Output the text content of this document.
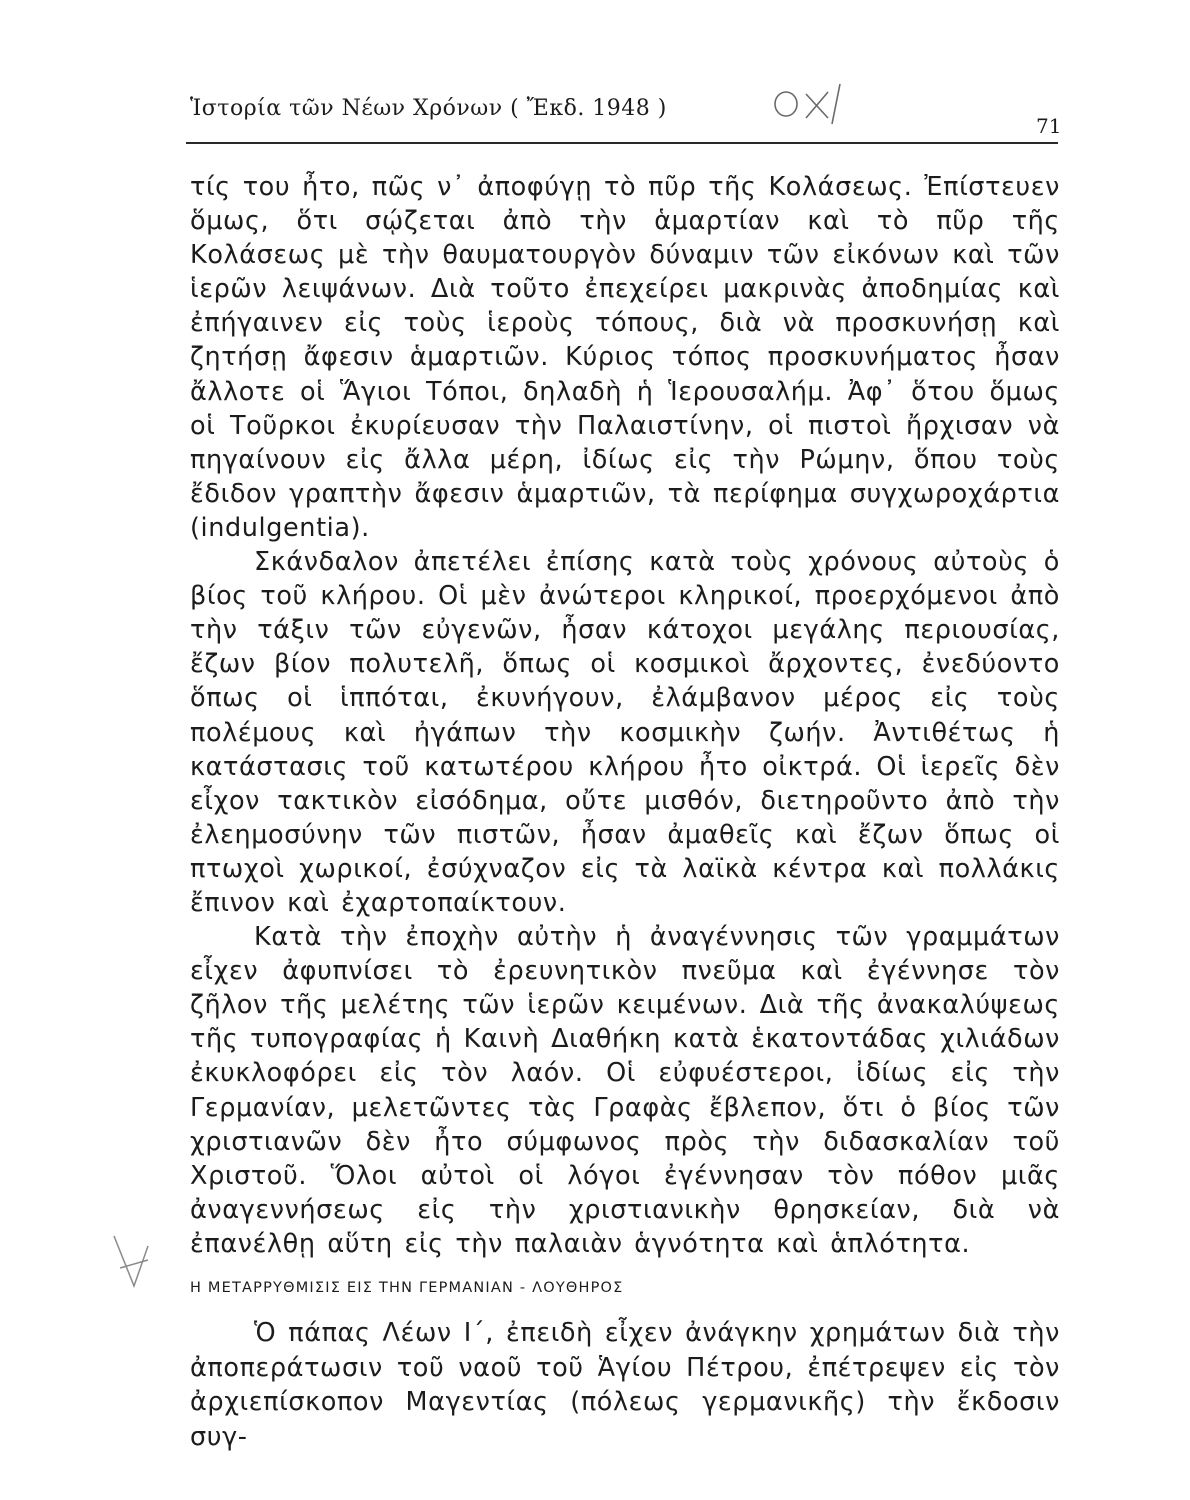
Ἱστορία τῶν Νέων Χρόνων ( Ἔκδ. 1948 )
71

τίς του ἦτο, πῶς ν᾽ ἀποφύγῃ τὸ πῦρ τῆς Κολάσεως. Ἐπίστευεν ὅμως, ὅτι σῴζεται ἀπὸ τὴν ἁμαρτίαν καὶ τὸ πῦρ τῆς Κολάσεως μὲ τὴν θαυματουργὸν δύναμιν τῶν εἰκόνων καὶ τῶν ἱερῶν λειψάνων. Διὰ τοῦτο ἐπεχείρει μακρινὰς ἀποδημίας καὶ ἐπήγαινεν εἰς τοὺς ἱεροὺς τόπους, διὰ νὰ προσκυνήσῃ καὶ ζητήσῃ ἄφεσιν ἁμαρτιῶν. Κύριος τόπος προσκυνήματος ἦσαν ἄλλοτε οἱ Ἅγιοι Τόποι, δηλαδὴ ἡ Ἱερουσαλήμ. Ἀφ᾽ ὅτου ὅμως οἱ Τοῦρκοι ἐκυρίευσαν τὴν Παλαιστίνην, οἱ πιστοὶ ἤρχισαν νὰ πηγαίνουν εἰς ἄλλα μέρη, ἰδίως εἰς τὴν Ρώμην, ὅπου τοὺς ἔδιδον γραπτὴν ἄφεσιν ἁμαρτιῶν, τὰ περίφημα συγχωροχάρτια (indulgentia).

Σκάνδαλον ἀπετέλει ἐπίσης κατὰ τοὺς χρόνους αὐτοὺς ὁ βίος τοῦ κλήρου. Οἱ μὲν ἀνώτεροι κληρικοί, προερχόμενοι ἀπὸ τὴν τάξιν τῶν εὐγενῶν, ἦσαν κάτοχοι μεγάλης περιουσίας, ἔζων βίον πολυτελῆ, ὅπως οἱ κοσμικοὶ ἄρχοντες, ἐνεδύοντο ὅπως οἱ ἱππόται, ἐκυνήγουν, ἐλάμβανον μέρος εἰς τοὺς πολέμους καὶ ἠγάπων τὴν κοσμικὴν ζωήν. Ἀντιθέτως ἡ κατάστασις τοῦ κατωτέρου κλήρου ἦτο οἰκτρά. Οἱ ἱερεῖς δὲν εἶχον τακτικὸν εἰσόδημα, οὔτε μισθόν, διετηροῦντο ἀπὸ τὴν ἐλεημοσύνην τῶν πιστῶν, ἦσαν ἀμαθεῖς καὶ ἔζων ὅπως οἱ πτωχοὶ χωρικοί, ἐσύχναζον εἰς τὰ λαϊκὰ κέντρα καὶ πολλάκις ἔπινον καὶ ἐχαρτοπαίκτουν.

Κατὰ τὴν ἐποχὴν αὐτὴν ἡ ἀναγέννησις τῶν γραμμάτων εἶχεν ἀφυπνίσει τὸ ἐρευνητικὸν πνεῦμα καὶ ἐγέννησε τὸν ζῆλον τῆς μελέτης τῶν ἱερῶν κειμένων. Διὰ τῆς ἀνακαλύψεως τῆς τυπογραφίας ἡ Καινὴ Διαθήκη κατὰ ἑκατοντάδας χιλιάδων ἐκυκλοφόρει εἰς τὸν λαόν. Οἱ εὐφυέστεροι, ἰδίως εἰς τὴν Γερμανίαν, μελετῶντες τὰς Γραφὰς ἔβλεπον, ὅτι ὁ βίος τῶν χριστιανῶν δὲν ἦτο σύμφωνος πρὸς τὴν διδασκαλίαν τοῦ Χριστοῦ. Ὅλοι αὐτοὶ οἱ λόγοι ἐγέννησαν τὸν πόθον μιᾶς ἀναγεννήσεως εἰς τὴν χριστιανικὴν θρησκείαν, διὰ νὰ ἐπανέλθῃ αὕτη εἰς τὴν παλαιὰν ἁγνότητα καὶ ἁπλότητα.

Η ΜΕΤΑΡΡΥΘΜΙΣΙΣ ΕΙΣ ΤΗΝ ΓΕΡΜΑΝΙΑΝ - ΛΟΥΘΗΡΟΣ

Ὁ πάπας Λέων Ι΄, ἐπειδὴ εἶχεν ἀνάγκην χρημάτων διὰ τὴν ἀποπεράτωσιν τοῦ ναοῦ τοῦ Ἁγίου Πέτρου, ἐπέτρεψεν εἰς τὸν ἀρχιεπίσκοπον Μαγεντίας (πόλεως γερμανικῆς) τὴν ἔκδοσιν συγ-
